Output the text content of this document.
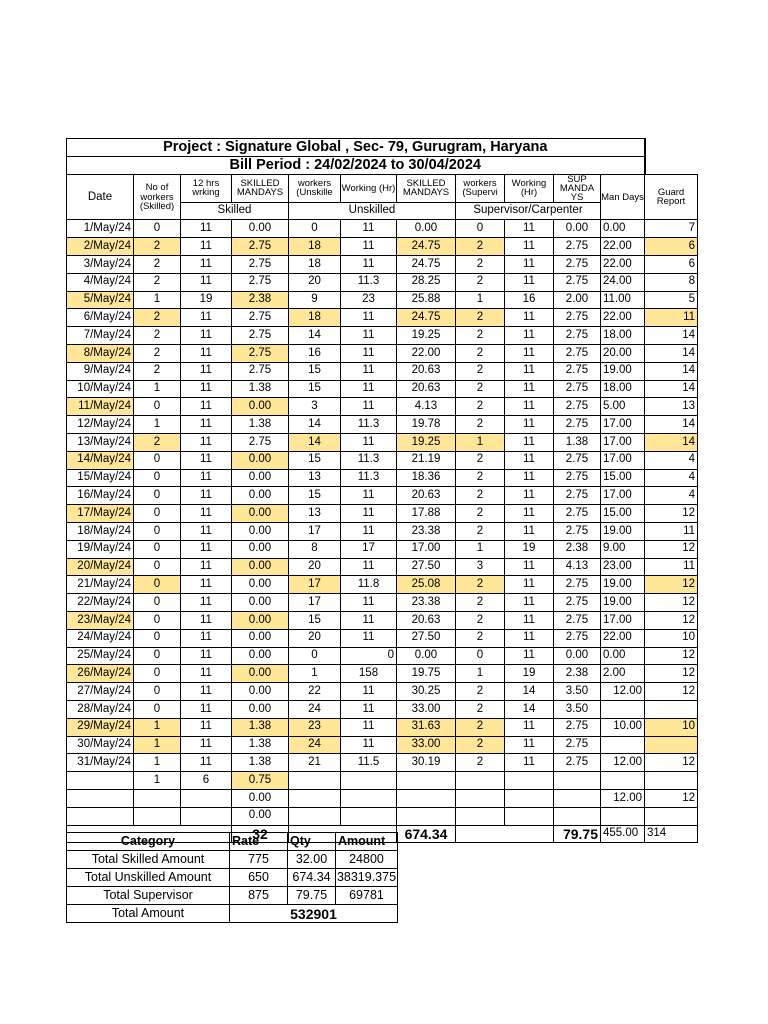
Project : Signature Global , Sec- 79, Gurugram, Haryana											
Bill Period : 24/02/2024 to 30/04/2024											
Date	No of workers (Skilled)	12 hrs wrking	SKILLED MANDAYS	workers (Unskille	Working (Hr)	SKILLED MANDAYS	workers (Supervi	Working (Hr)	SUP MANDA YS	Man Days	Guard Report
		Skilled		Unskilled			Supervisor/Carpenter				
1/May/24	0	11	0.00	0	11	0.00	0	11	0.00	0.00	7
2/May/24	2	11	2.75	18	11	24.75	2	11	2.75	22.00	6
3/May/24	2	11	2.75	18	11	24.75	2	11	2.75	22.00	6
4/May/24	2	11	2.75	20	11.3	28.25	2	11	2.75	24.00	8
5/May/24	1	19	2.38	9	23	25.88	1	16	2.00	11.00	5
6/May/24	2	11	2.75	18	11	24.75	2	11	2.75	22.00	11
7/May/24	2	11	2.75	14	11	19.25	2	11	2.75	18.00	14
8/May/24	2	11	2.75	16	11	22.00	2	11	2.75	20.00	14
9/May/24	2	11	2.75	15	11	20.63	2	11	2.75	19.00	14
10/May/24	1	11	1.38	15	11	20.63	2	11	2.75	18.00	14
11/May/24	0	11	0.00	3	11	4.13	2	11	2.75	5.00	13
12/May/24	1	11	1.38	14	11.3	19.78	2	11	2.75	17.00	14
13/May/24	2	11	2.75	14	11	19.25	1	11	1.38	17.00	14
14/May/24	0	11	0.00	15	11.3	21.19	2	11	2.75	17.00	4
15/May/24	0	11	0.00	13	11.3	18.36	2	11	2.75	15.00	4
16/May/24	0	11	0.00	15	11	20.63	2	11	2.75	17.00	4
17/May/24	0	11	0.00	13	11	17.88	2	11	2.75	15.00	12
18/May/24	0	11	0.00	17	11	23.38	2	11	2.75	19.00	11
19/May/24	0	11	0.00	8	17	17.00	1	19	2.38	9.00	12
20/May/24	0	11	0.00	20	11	27.50	3	11	4.13	23.00	11
21/May/24	0	11	0.00	17	11.8	25.08	2	11	2.75	19.00	12
22/May/24	0	11	0.00	17	11	23.38	2	11	2.75	19.00	12
23/May/24	0	11	0.00	15	11	20.63	2	11	2.75	17.00	12
24/May/24	0	11	0.00	20	11	27.50	2	11	2.75	22.00	10
25/May/24	0	11	0.00	0	0	0.00	0	11	0.00	0.00	12
26/May/24	0	11	0.00	1	158	19.75	1	19	2.38	2.00	12
27/May/24	0	11	0.00	22	11	30.25	2	14	3.50	12.00	12
28/May/24	0	11	0.00	24	11	33.00	2	14	3.50		
29/May/24	1	11	1.38	23	11	31.63	2	11	2.75	10.00	10
30/May/24	1	11	1.38	24	11	33.00	2	11	2.75		
31/May/24	1	11	1.38	21	11.5	30.19	2	11	2.75	12.00	12
	1	6	0.75								
			0.00							12.00	12
			0.00								
			32			674.34			79.75	455.00	314
Category	Rate	Qty	Amount
Total Skilled Amount	775	32.00	24800
Total Unskilled Amount	650	674.34	38319.375
Total Supervisor	875	79.75	69781
Total Amount	532901		
